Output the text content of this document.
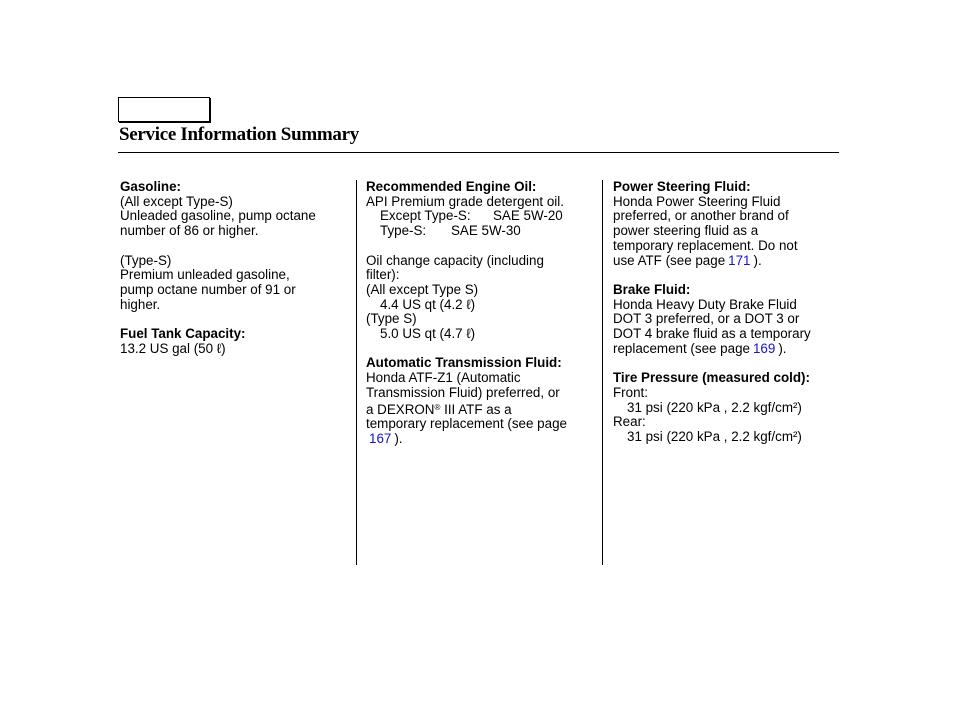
Service Information Summary
Gasoline:
(All except Type-S)
Unleaded gasoline, pump octane
number of 86 or higher.
(Type-S)
Premium unleaded gasoline,
pump octane number of 91 or
higher.
Fuel Tank Capacity:
13.2 US gal (50 ℓ)
Recommended Engine Oil:
API Premium grade detergent oil.
Except Type-S: SAE 5W-20
Type-S: SAE 5W-30
Oil change capacity (including
filter):
(All except Type S)
4.4 US qt (4.2 ℓ)
(Type S)
5.0 US qt (4.7 ℓ)
Automatic Transmission Fluid:
Honda ATF-Z1 (Automatic
Transmission Fluid) preferred, or
a DEXRON® III ATF as a
temporary replacement (see page
167 ).
Power Steering Fluid:
Honda Power Steering Fluid
preferred, or another brand of
power steering fluid as a
temporary replacement. Do not
use ATF (see page 171 ).
Brake Fluid:
Honda Heavy Duty Brake Fluid
DOT 3 preferred, or a DOT 3 or
DOT 4 brake fluid as a temporary
replacement (see page 169 ).
Tire Pressure (measured cold):
Front:
31 psi (220 kPa , 2.2 kgf/cm²)
Rear:
31 psi (220 kPa , 2.2 kgf/cm²)
